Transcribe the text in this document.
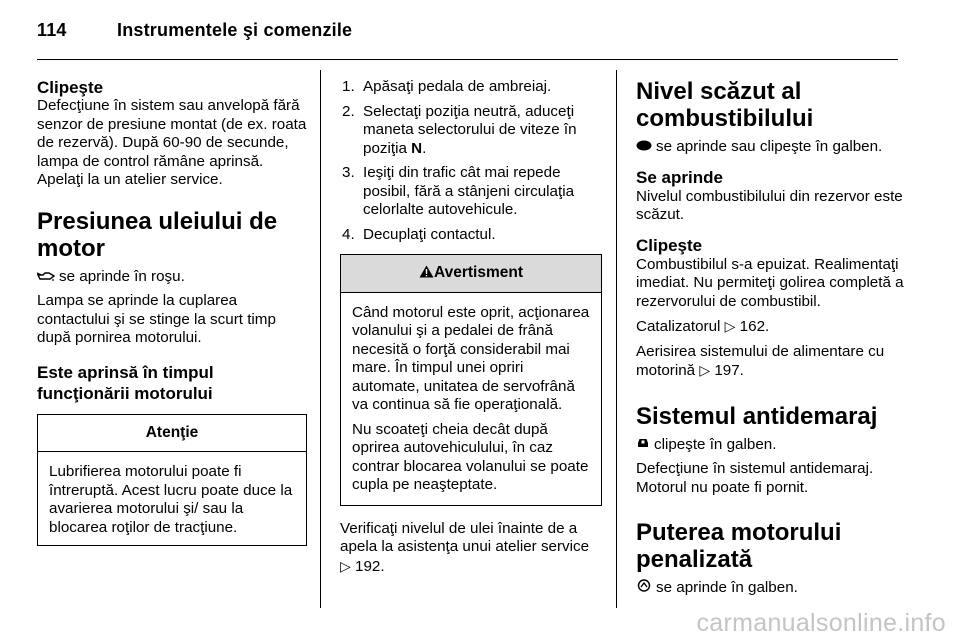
114	Instrumentele şi comenzile
Clipeşte

Defecţiune în sistem sau anvelopă fără senzor de presiune montat (de ex. roata de rezervă). După 60-90 de secunde, lampa de control rămâne aprinsă. Apelaţi la un atelier service.

Presiunea uleiului de motor

se aprinde în roşu.

Lampa se aprinde la cuplarea contactului şi se stinge la scurt timp după pornirea motorului.

Este aprinsă în timpul funcţionării motorului
Atenţie
Lubrifierea motorului poate fi întreruptă. Acest lucru poate duce la avarierea motorului şi/ sau la blocarea roţilor de tracţiune.
1. Apăsaţi pedala de ambreiaj.
2. Selectaţi poziţia neutră, aduceţi maneta selectorului de viteze în poziţia N.
3. Ieşiţi din trafic cât mai repede posibil, fără a stânjeni circulaţia celorlalte autovehicule.
4. Decuplaţi contactul.
Avertisment

Când motorul este oprit, acţionarea volanului şi a pedalei de frână necesită o forţă considerabil mai mare. În timpul unei opriri automate, unitatea de servofrână va continua să fie operaţională.

Nu scoateţi cheia decât după oprirea autovehiculului, în caz contrar blocarea volanului se poate cupla pe neaşteptate.

Verificaţi nivelul de ulei înainte de a apela la asistenţa unui atelier service ▷ 192.

Nivel scăzut al combustibilului

se aprinde sau clipeşte în galben.

Se aprinde

Nivelul combustibilului din rezervor este scăzut.

Clipeşte

Combustibilul s-a epuizat. Realimentaţi imediat. Nu permiteţi golirea completă a rezervorului de combustibil.

Catalizatorul ▷ 162.

Aerisirea sistemului de alimentare cu motorină ▷ 197.

Sistemul antidemaraj

clipeşte în galben.

Defecţiune în sistemul antidemaraj. Motorul nu poate fi pornit.

Puterea motorului penalizată

se aprinde în galben.

carmanualsonline.info
